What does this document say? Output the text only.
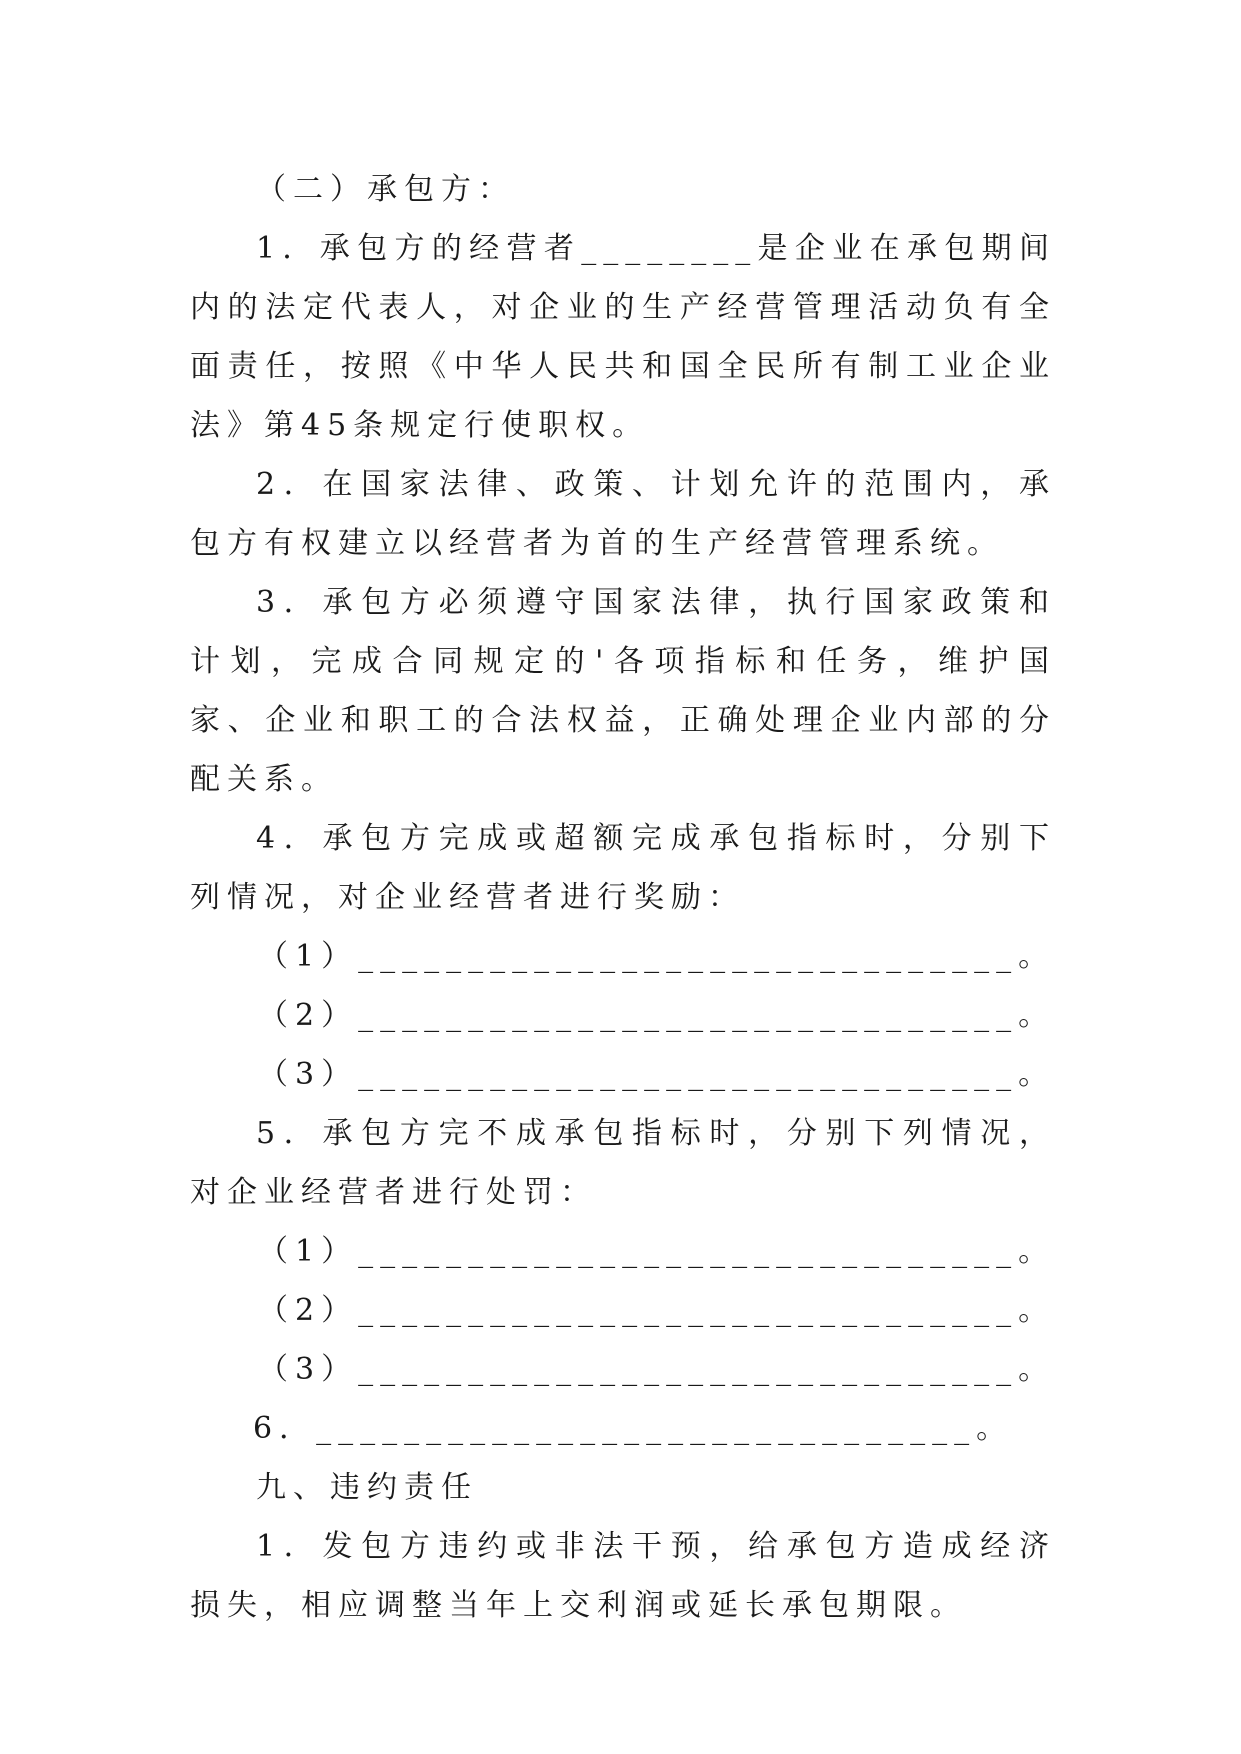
（二）承包方：

1．承包方的经营者________是企业在承包期间内的法定代表人，对企业的生产经营管理活动负有全面责任，按照《中华人民共和国全民所有制工业企业法》第45条规定行使职权。

2．在国家法律、政策、计划允许的范围内，承包方有权建立以经营者为首的生产经营管理系统。

3．承包方必须遵守国家法律，执行国家政策和计划，完成合同规定的'各项指标和任务，维护国家、企业和职工的合法权益，正确处理企业内部的分配关系。

4．承包方完成或超额完成承包指标时，分别下列情况，对企业经营者进行奖励：

（1）______________________________。

（2）______________________________。

（3）______________________________。

5．承包方完不成承包指标时，分别下列情况，对企业经营者进行处罚：

（1）______________________________。

（2）______________________________。

（3）______________________________。

6．______________________________。

九、违约责任

1．发包方违约或非法干预，给承包方造成经济损失，相应调整当年上交利润或延长承包期限。
